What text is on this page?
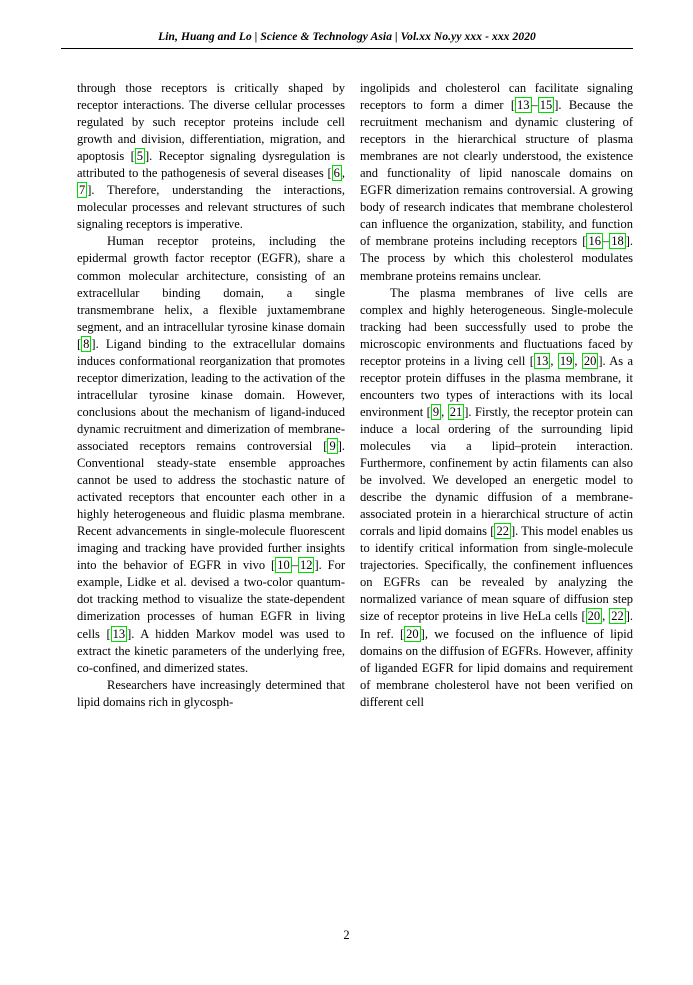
Lin, Huang and Lo | Science & Technology Asia | Vol.xx No.yy xxx - xxx 2020

through those receptors is critically shaped by receptor interactions. The diverse cellular processes regulated by such receptor proteins include cell growth and division, differentiation, migration, and apoptosis [ 5 ]. Receptor signaling dysregulation is attributed to the pathogenesis of several diseases [ 6 , 7 ]. Therefore, understanding the interactions, molecular processes and relevant structures of such signaling receptors is imperative.

Human receptor proteins, including the epidermal growth factor receptor (EGFR), share a common molecular architecture, consisting of an extracellular binding domain, a single transmembrane helix, a flexible juxtamembrane segment, and an intracellular tyrosine kinase domain [ 8 ]. Ligand binding to the extracellular domains induces conformational reorganization that promotes receptor dimerization, leading to the activation of the intracellular tyrosine kinase domain. However, conclusions about the mechanism of ligand-induced dynamic recruitment and dimerization of membrane-associated receptors remains controversial [ 9 ]. Conventional steady-state ensemble approaches cannot be used to address the stochastic nature of activated receptors that encounter each other in a highly heterogeneous and fluidic plasma membrane. Recent advancements in single-molecule fluorescent imaging and tracking have provided further insights into the behavior of EGFR in vivo [ 10 – 12 ]. For example, Lidke et al. devised a two-color quantum-dot tracking method to visualize the state-dependent dimerization processes of human EGFR in living cells [ 13 ]. A hidden Markov model was used to extract the kinetic parameters of the underlying free, co-confined, and dimerized states.

Researchers have increasingly determined that lipid domains rich in glycosph-

ingolipids and cholesterol can facilitate signaling receptors to form a dimer [ 13 – 15 ]. Because the recruitment mechanism and dynamic clustering of receptors in the hierarchical structure of plasma membranes are not clearly understood, the existence and functionality of lipid nanoscale domains on EGFR dimerization remains controversial. A growing body of research indicates that membrane cholesterol can influence the organization, stability, and function of membrane proteins including receptors [ 16 – 18 ]. The process by which this cholesterol modulates membrane proteins remains unclear.

The plasma membranes of live cells are complex and highly heterogeneous. Single-molecule tracking had been successfully used to probe the microscopic environments and fluctuations faced by receptor proteins in a living cell [ 13 , 19 , 20 ]. As a receptor protein diffuses in the plasma membrane, it encounters two types of interactions with its local environment [ 9 , 21 ]. Firstly, the receptor protein can induce a local ordering of the surrounding lipid molecules via a lipid–protein interaction. Furthermore, confinement by actin filaments can also be involved. We developed an energetic model to describe the dynamic diffusion of a membrane-associated protein in a hierarchical structure of actin corrals and lipid domains [ 22 ]. This model enables us to identify critical information from single-molecule trajectories. Specifically, the confinement influences on EGFRs can be revealed by analyzing the normalized variance of mean square of diffusion step size of receptor proteins in live HeLa cells [ 20 , 22 ]. In ref. [ 20 ], we focused on the influence of lipid domains on the diffusion of EGFRs. However, affinity of liganded EGFR for lipid domains and requirement of membrane cholesterol have not been verified on different cell

2
